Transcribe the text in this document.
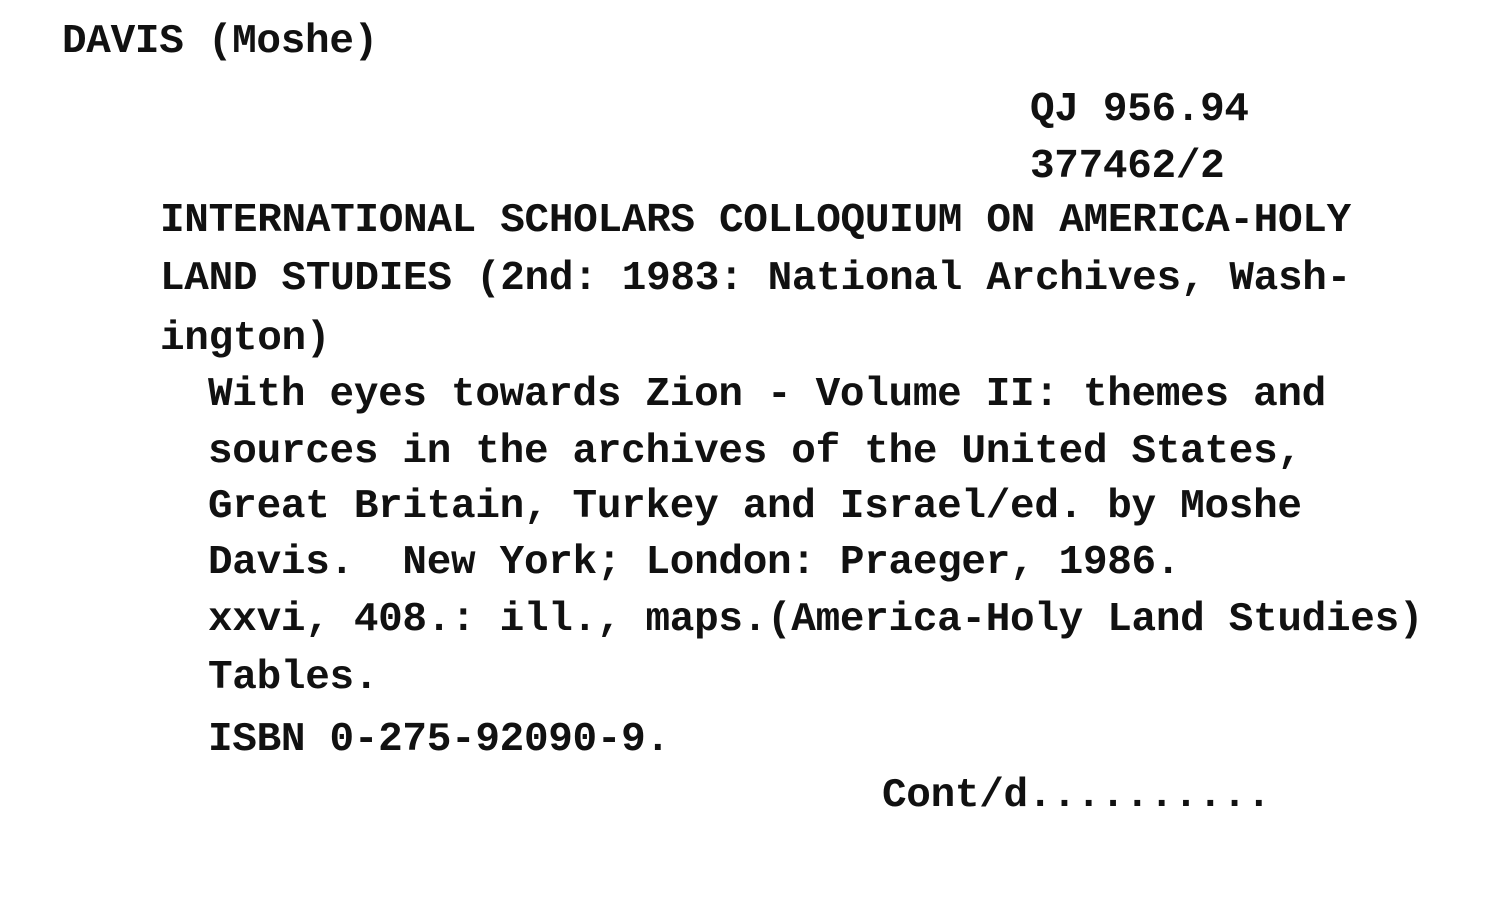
DAVIS (Moshe)
QJ 956.94
377462/2
INTERNATIONAL SCHOLARS COLLOQUIUM ON AMERICA-HOLY
LAND STUDIES (2nd: 1983: National Archives, Wash-
ington)
With eyes towards Zion - Volume II: themes and
sources in the archives of the United States,
Great Britain, Turkey and Israel/ed. by Moshe
Davis.  New York; London: Praeger, 1986.
xxvi, 408.: ill., maps.(America-Holy Land Studies)
Tables.
ISBN 0-275-92090-9.
Cont/d..........
